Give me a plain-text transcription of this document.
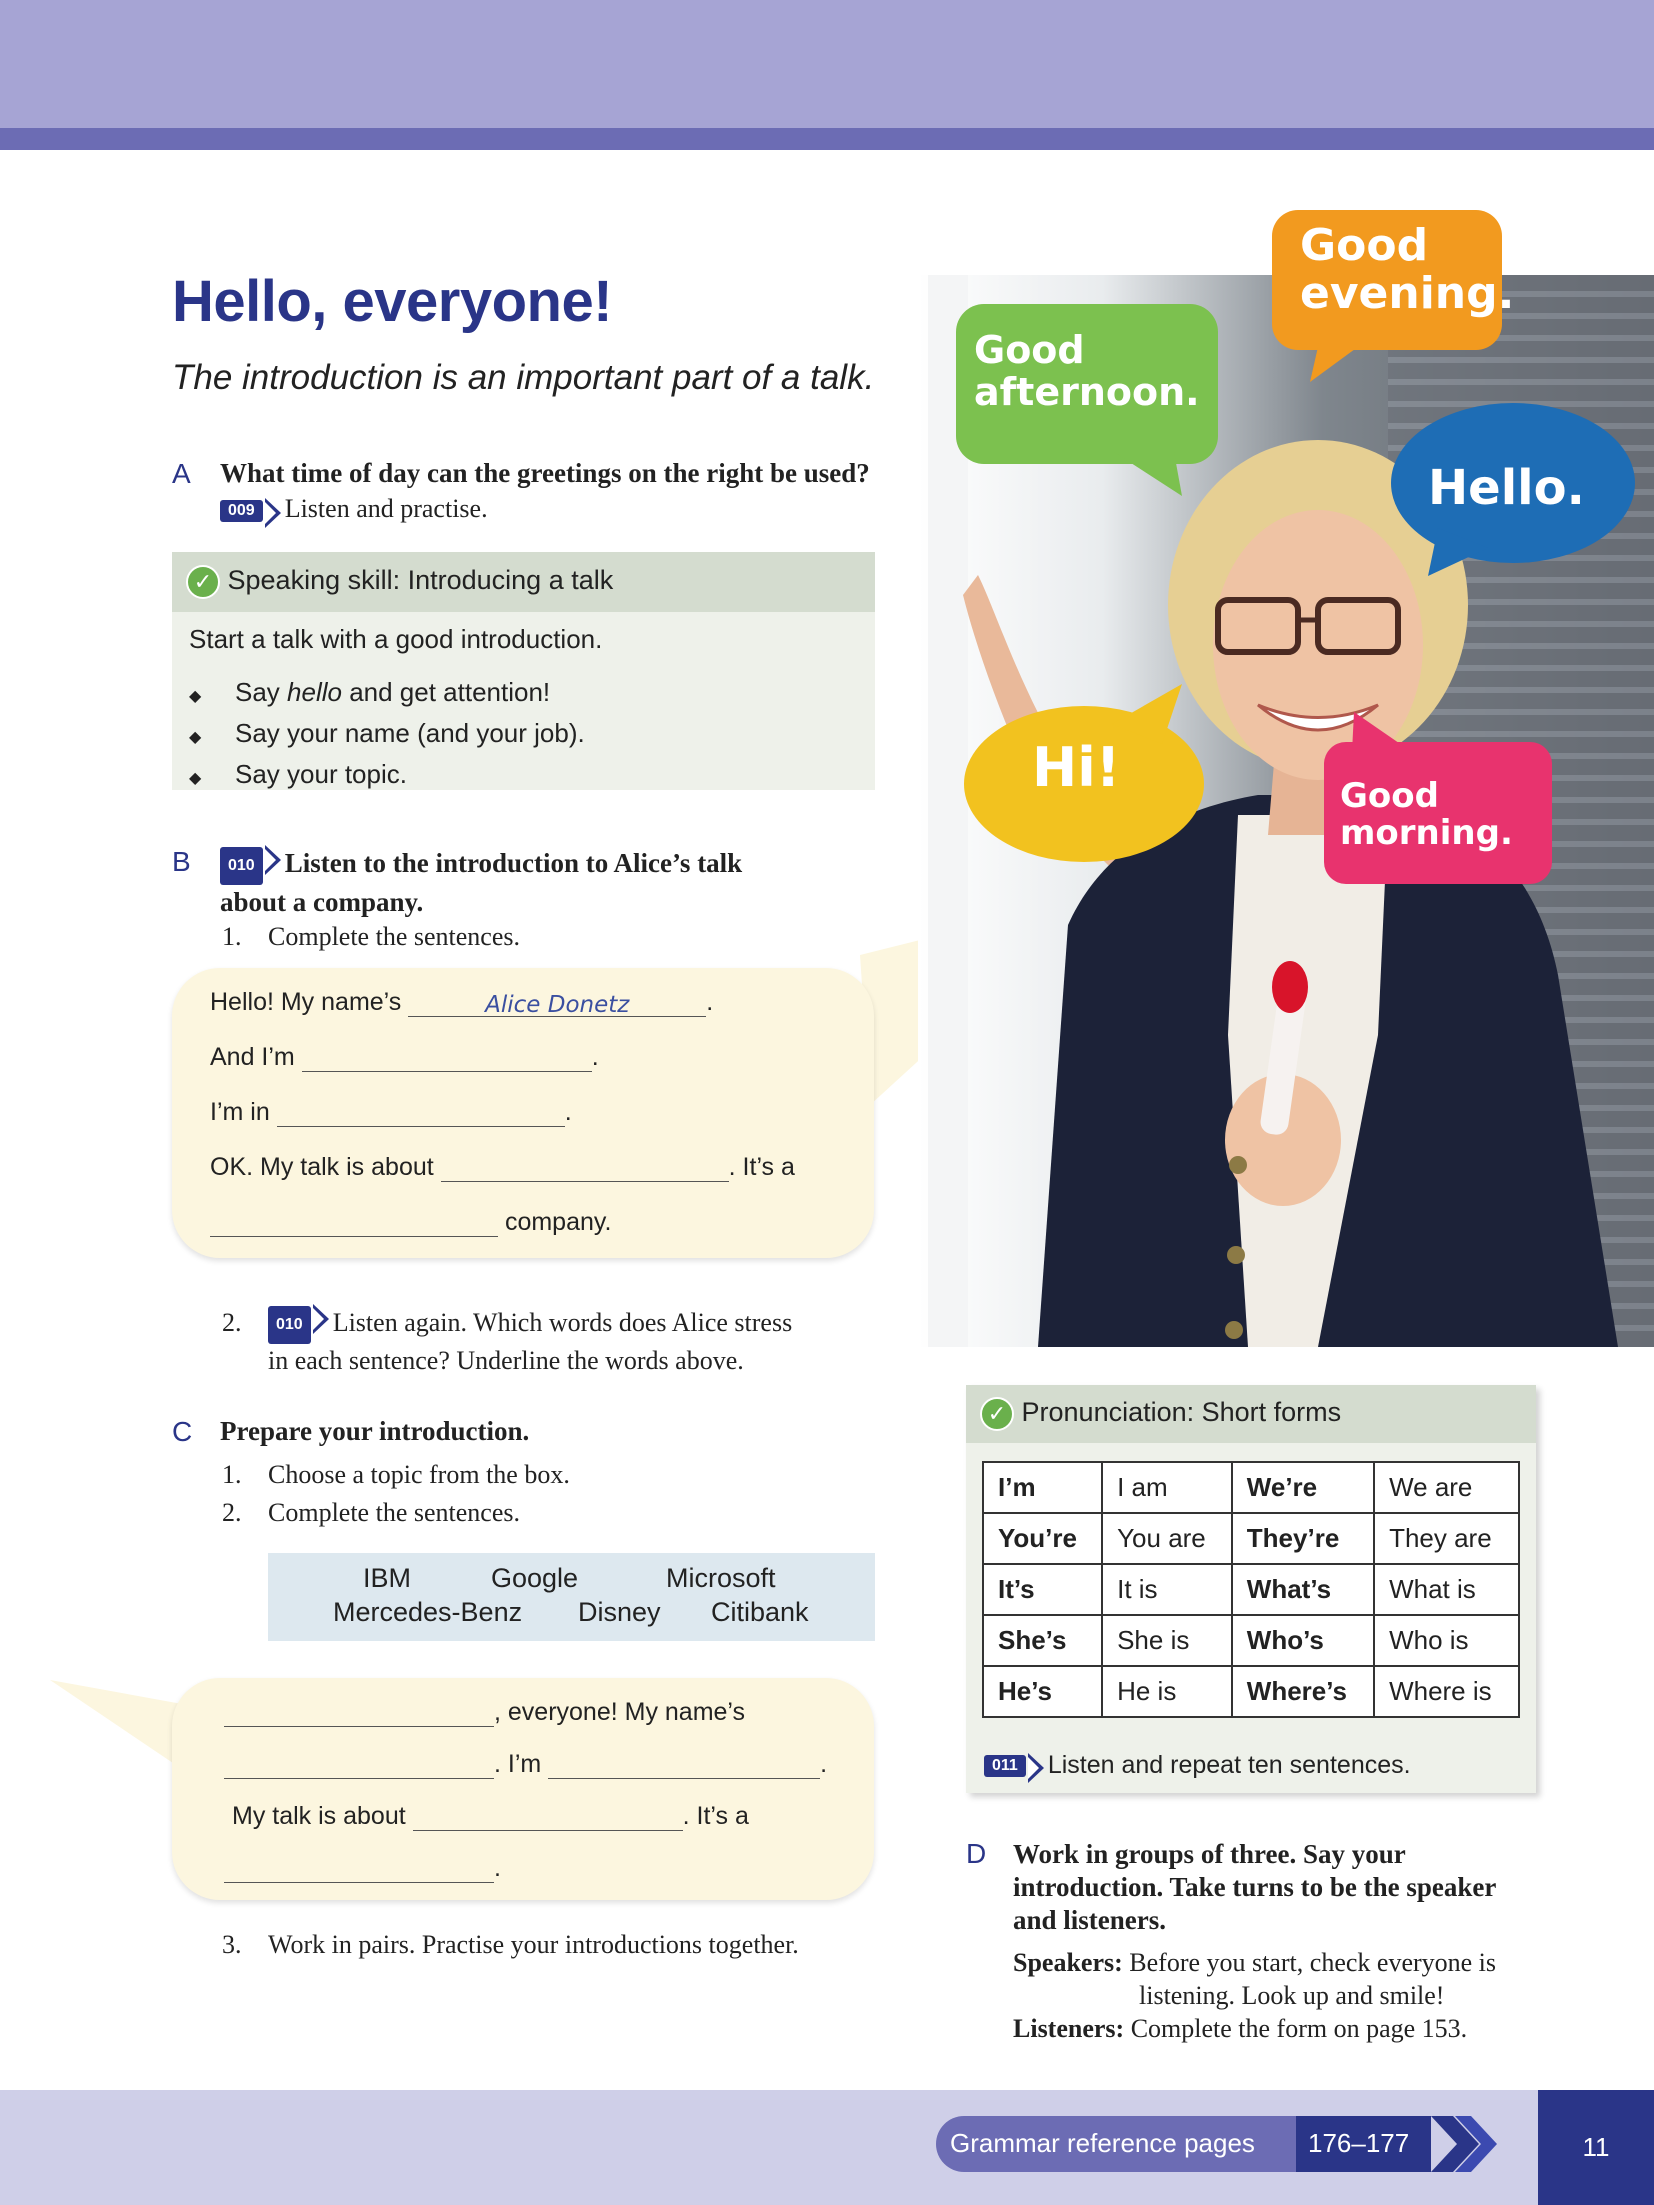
Hello, everyone!
The introduction is an important part of a talk.
A What time of day can the greetings on the right be used?
009 Listen and practise.
✓ Speaking skill: Introducing a talk
Start a talk with a good introduction.
◆ Say hello and get attention!
◆ Say your name (and your job).
◆ Say your topic.
B	010 Listen to the introduction to Alice’s talk
about a company.
1. Complete the sentences.
Hello! My name’s	Alice Donetz	.
And I’m	.
I’m in	.
OK. My talk is about	. It’s a
company.
2. 010 Listen again. Which words does Alice stress
in each sentence? Underline the words above.
C Prepare your introduction.
1. Choose a topic from the box.
2. Complete the sentences.
IBM	Google	Microsoft
Mercedes-Benz Disney Citibank
, everyone! My name’s
. I’m	.
My talk is about	. It’s a
.
3. Work in pairs. Practise your introductions together.
Good evening.
Good afternoon.
Hello.
Hi!	Good morning.
✓ Pronunciation: Short forms
I’m	I am	We’re	We are
You’re	You are	They’re	They are
It’s	It is	What’s	What is
She’s	She is	Who’s	Who is
He’s	He is	Where’s	Where is
011 Listen and repeat ten sentences.
D Work in groups of three. Say your
introduction. Take turns to be the speaker
and listeners.
Speakers: Before you start, check everyone is
listening. Look up and smile!
Listeners: Complete the form on page 153.
Grammar reference pages 176–177	11
